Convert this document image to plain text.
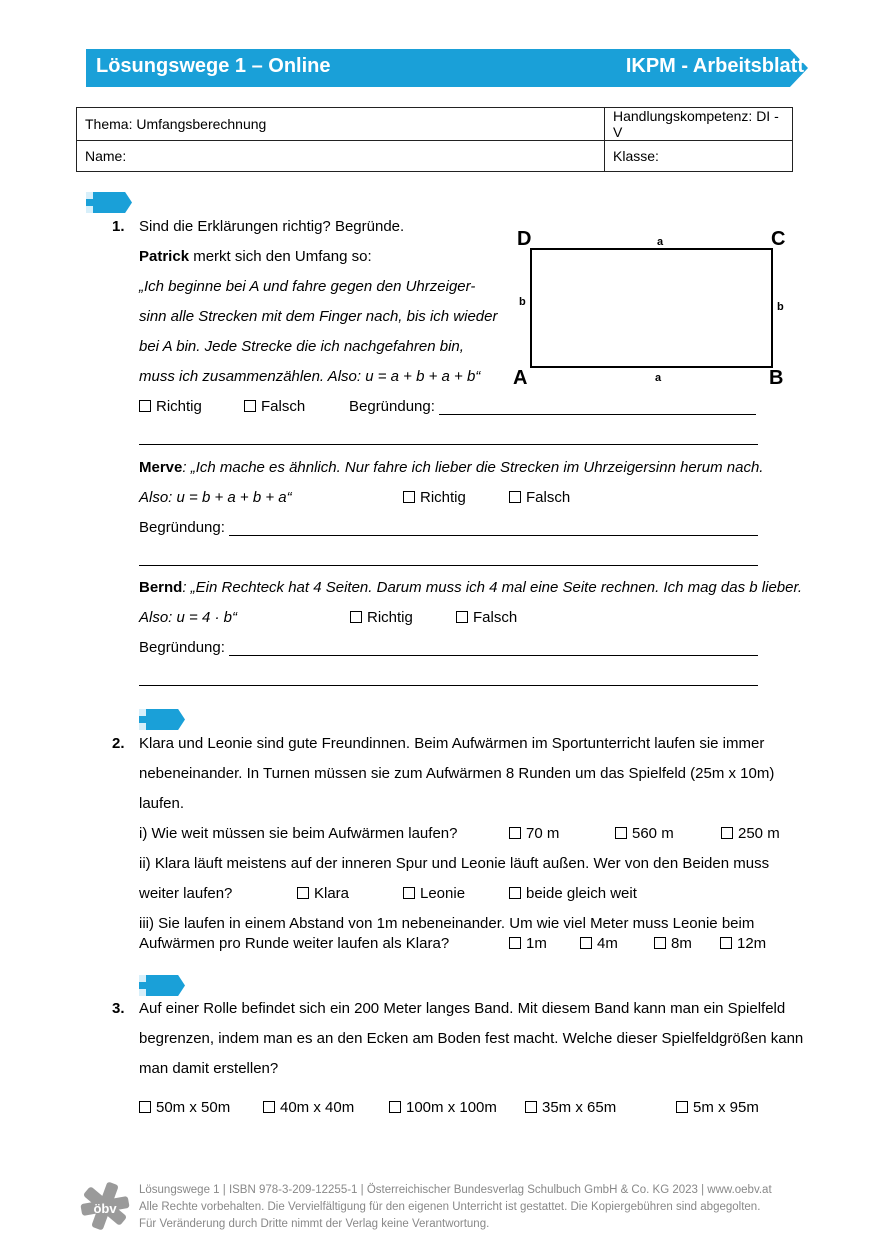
Lösungswege 1 – Online	IKPM - Arbeitsblatt
Thema: Umfangsberechnung	Handlungskompetenz: DI - V
Name:	Klasse:
1. Sind die Erklärungen richtig? Begründe.
Patrick merkt sich den Umfang so:
„Ich beginne bei A und fahre gegen den Uhrzeiger-
sinn alle Strecken mit dem Finger nach, bis ich wieder
bei A bin. Jede Strecke die ich nachgefahren bin,
muss ich zusammenzählen. Also: u = a + b + a + b“
Richtig	Falsch	Begründung:
D	C
A	B
a
a
b	b
Merve: „Ich mache es ähnlich. Nur fahre ich lieber die Strecken im Uhrzeigersinn herum nach.
Also: u = b + a + b + a“	Richtig	Falsch
Begründung:
Bernd: „Ein Rechteck hat 4 Seiten. Darum muss ich 4 mal eine Seite rechnen. Ich mag das b lieber.
Also: u = 4 · b“	Richtig	Falsch
Begründung:
2. Klara und Leonie sind gute Freundinnen. Beim Aufwärmen im Sportunterricht laufen sie immer
nebeneinander. In Turnen müssen sie zum Aufwärmen 8 Runden um das Spielfeld (25m x 10m)
laufen.
i) Wie weit müssen sie beim Aufwärmen laufen?	70 m	560 m	250 m
ii) Klara läuft meistens auf der inneren Spur und Leonie läuft außen. Wer von den Beiden muss
weiter laufen?	Klara	Leonie	beide gleich weit
iii) Sie laufen in einem Abstand von 1m nebeneinander. Um wie viel Meter muss Leonie beim
Aufwärmen pro Runde weiter laufen als Klara?	1m	4m	8m	12m
3. Auf einer Rolle befindet sich ein 200 Meter langes Band. Mit diesem Band kann man ein Spielfeld
begrenzen, indem man es an den Ecken am Boden fest macht. Welche dieser Spielfeldgrößen kann
man damit erstellen?
50m x 50m	40m x 40m	100m x 100m	35m x 65m	5m x 95m
öbv
Lösungswege 1 | ISBN 978-3-209-12255-1 | Österreichischer Bundesverlag Schulbuch GmbH & Co. KG 2023 | www.oebv.at
Alle Rechte vorbehalten. Die Vervielfältigung für den eigenen Unterricht ist gestattet. Die Kopiergebühren sind abgegolten.
Für Veränderung durch Dritte nimmt der Verlag keine Verantwortung.
